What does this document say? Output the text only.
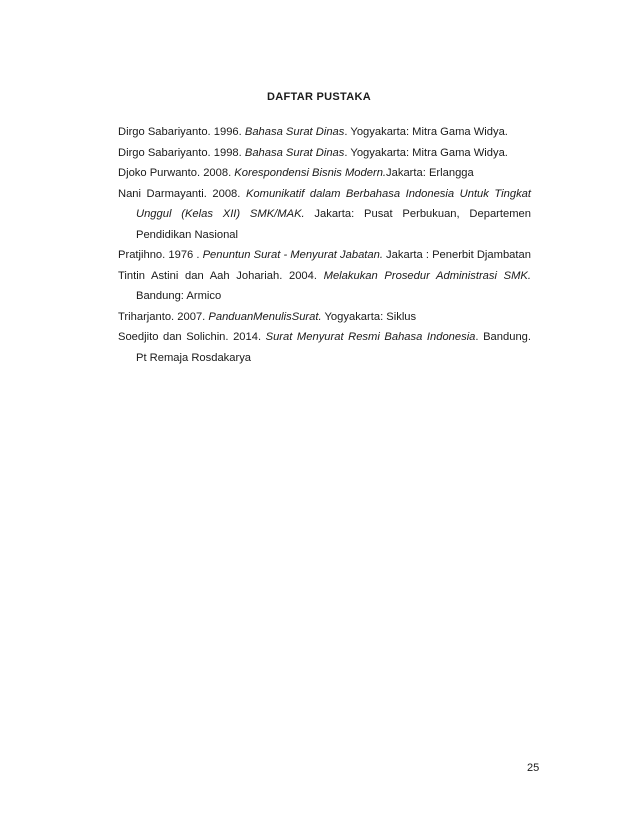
DAFTAR PUSTAKA

Dirgo Sabariyanto. 1996. Bahasa Surat Dinas. Yogyakarta: Mitra Gama Widya.

Dirgo Sabariyanto. 1998. Bahasa Surat Dinas. Yogyakarta: Mitra Gama Widya.

Djoko Purwanto. 2008. Korespondensi Bisnis Modern.Jakarta: Erlangga

Nani Darmayanti. 2008. Komunikatif dalam Berbahasa Indonesia Untuk Tingkat Unggul (Kelas XII) SMK/MAK. Jakarta: Pusat Perbukuan, Departemen Pendidikan Nasional

Pratjihno. 1976 . Penuntun Surat - Menyurat Jabatan. Jakarta : Penerbit Djambatan

Tintin Astini dan Aah Johariah. 2004. Melakukan Prosedur Administrasi SMK. Bandung: Armico

Triharjanto. 2007. PanduanMenulisSurat. Yogyakarta: Siklus

Soedjito dan Solichin. 2014. Surat Menyurat Resmi Bahasa Indonesia. Bandung. Pt Remaja Rosdakarya

25
